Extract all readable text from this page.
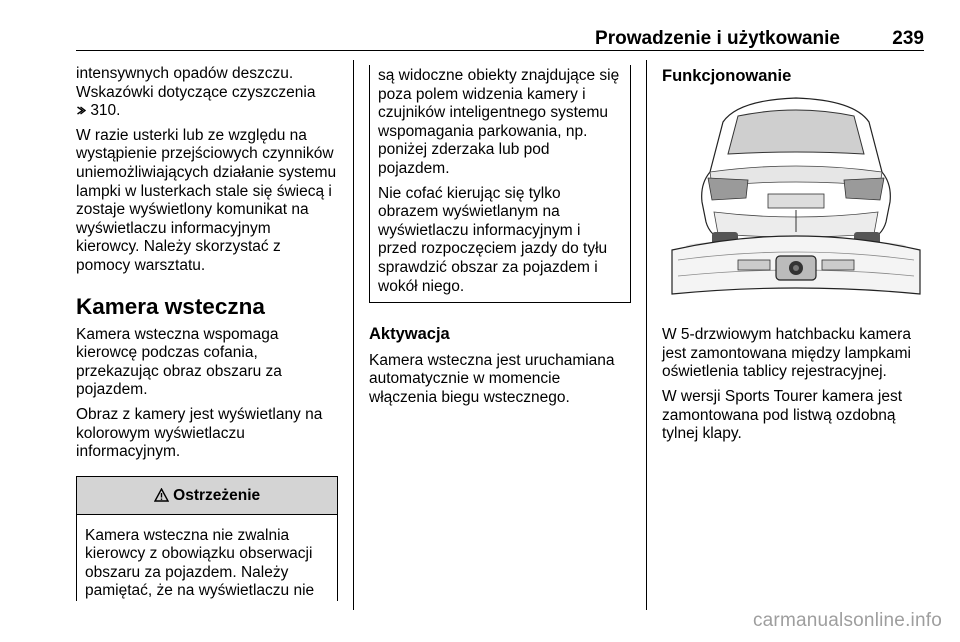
Prowadzenie i użytkowanie	239

intensywnych opadów deszczu. Wskazówki dotyczące czyszczenia
310.

W razie usterki lub ze względu na wystąpienie przejściowych czynników uniemożliwiających działanie systemu lampki w lusterkach stale się świecą i zostaje wyświetlony komunikat na wyświetlaczu informacyjnym kierowcy. Należy skorzystać z pomocy warsztatu.

Kamera wsteczna

Kamera wsteczna wspomaga kierowcę podczas cofania, przekazując obraz obszaru za pojazdem.

Obraz z kamery jest wyświetlany na kolorowym wyświetlaczu informacyjnym.

Ostrzeżenie
Kamera wsteczna nie zwalnia kierowcy z obowiązku obserwacji obszaru za pojazdem. Należy pamiętać, że na wyświetlaczu nie

są widoczne obiekty znajdujące się poza polem widzenia kamery i czujników inteligentnego systemu wspomagania parkowania, np. poniżej zderzaka lub pod pojazdem.

Nie cofać kierując się tylko obrazem wyświetlanym na wyświetlaczu informacyjnym i przed rozpoczęciem jazdy do tyłu sprawdzić obszar za pojazdem i wokół niego.

Aktywacja

Kamera wsteczna jest uruchamiana automatycznie w momencie włączenia biegu wstecznego.

Funkcjonowanie

W 5-drzwiowym hatchbacku kamera jest zamontowana między lampkami oświetlenia tablicy rejestracyjnej.

W wersji Sports Tourer kamera jest zamontowana pod listwą ozdobną tylnej klapy.

carmanualsonline.info
